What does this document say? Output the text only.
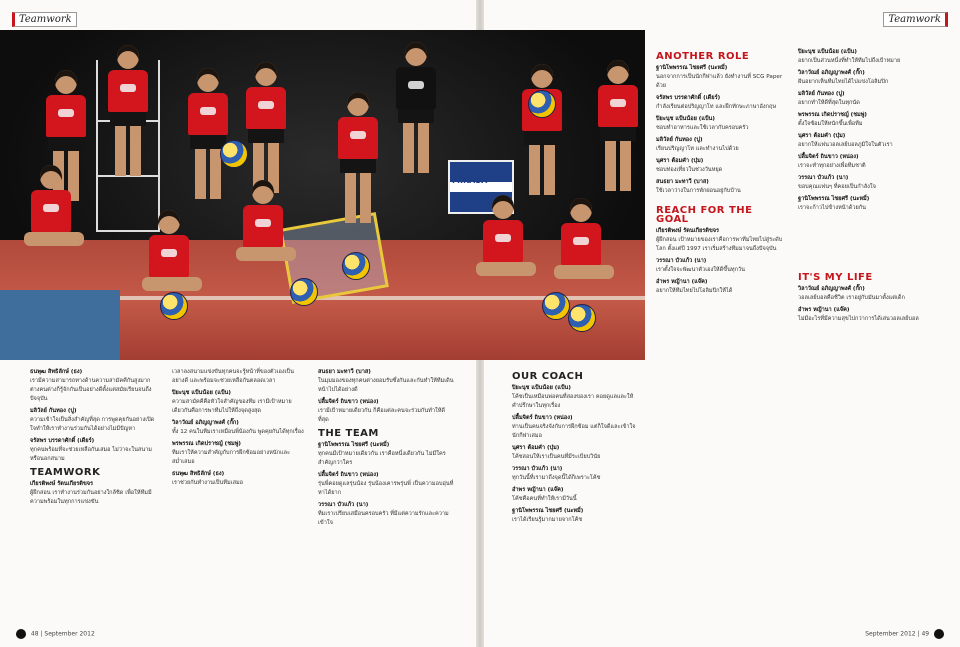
Teamwork	Teamwork
MIKASA

ธนพุฒ สิทธิลักษ์ (ธง)
เรามีความสามารถทางด้านความสามัคคีกันสูงมาก ต่างคนต่างก็รู้จักกันเป็นอย่างดีตั้งแต่สมัยเรียนจนถึงปัจจุบัน

มลิวัลย์ กันทอง (ปู)
ความเข้าใจเป็นสิ่งสำคัญที่สุด การพูดคุยกันอย่างเปิดใจทำให้เราทำงานร่วมกันได้อย่างไม่มีปัญหา

จรัสพร บรรดาศักดิ์ (เดียร์)
ทุกคนพร้อมที่จะช่วยเหลือกันเสมอ ไม่ว่าจะในสนามหรือนอกสนาม

TEAMWORK

เกียรติพงษ์ รัตนเกียรติขจร
ผู้ฝึกสอน เราทำงานร่วมกันอย่างใกล้ชิด เพื่อให้ทีมมีความพร้อมในทุกการแข่งขัน

เวลาลงสนามแข่งขันทุกคนจะรู้หน้าที่ของตัวเองเป็นอย่างดี และพร้อมจะช่วยเหลือกันตลอดเวลา

ปิยะนุช แป้นน้อย (แป้น)
ความสามัคคีคือหัวใจสำคัญของทีม เรามีเป้าหมายเดียวกันคือการพาทีมไปให้ถึงจุดสูงสุด

วิลาวัณย์ อภิญญาพงศ์ (กั๊ก)
ทั้ง 12 คนในทีมเราเหมือนพี่น้องกัน พูดคุยกันได้ทุกเรื่อง

พรพรรณ เกิดปราชญ์ (ชมพู่)
ทีมเราให้ความสำคัญกับการฝึกซ้อมอย่างหนักและสม่ำเสมอ

ธนพุฒ สิทธิลักษ์ (ธง)
เราช่วยกันทำงานเป็นทีมเสมอ

สนธยา มะทาวี (บาส)
ในมุมมองของทุกคนต่างยอมรับซึ่งกันและกันทำให้ทีมเดินหน้าไปได้อย่างดี

ปลื้มจิตร์ ถินขาว (หน่อง)
เรามีเป้าหมายเดียวกัน ก็คือแต่ละคนจะร่วมกันทำให้ดีที่สุด

THE TEAM

ฐานิโพพรรณ ไชยศรี (นะหมี่)
ทุกคนมีเป้าหมายเดียวกัน เราคือหนึ่งเดียวกัน ไม่มีใครสำคัญกว่าใคร

ปลื้มจิตร์ ถินขาว (หน่อง)
รุ่นพี่คอยดูแลรุ่นน้อง รุ่นน้องเคารพรุ่นพี่ เป็นความอบอุ่นที่หาได้ยาก

วรรณา บัวแก้ว (นา)
ทีมเราเปรียบเสมือนครอบครัว ที่มีแต่ความรักและความเข้าใจ

OUR COACH

ปิยะนุช แป้นน้อย (แป้น)
โค้ชเป็นเหมือนพ่อคนที่สองของเรา คอยดูแลและให้คำปรึกษาในทุกเรื่อง

ปลื้มจิตร์ ถินขาว (หน่อง)
ท่านเป็นคนจริงจังกับการฝึกซ้อม แต่ก็ใจดีและเข้าใจนักกีฬาเสมอ

นุศรา ต้อมคำ (บุ๋ม)
โค้ชสอนให้เราเป็นคนที่มีระเบียบวินัย

วรรณา บัวแก้ว (นา)
ทุกวันนี้ที่เรามาถึงจุดนี้ได้ก็เพราะโค้ช

อำพร หญ้านา (แจ๊ค)
โค้ชคือคนที่ทำให้เรามีวันนี้

ฐานิโพพรรณ ไชยศรี (นะหมี่)
เราได้เรียนรู้มากมายจากโค้ช

ANOTHER ROLE

ฐานิโพพรรณ ไชยศรี (นะหมี่)
นอกจากการเป็นนักกีฬาแล้ว ยังทำงานที่ SCG Paper ด้วย

จรัสพร บรรดาศักดิ์ (เดียร์)
กำลังเรียนต่อปริญญาโท และฝึกทักษะภาษาอังกฤษ

ปิยะนุช แป้นน้อย (แป้น)
ชอบทำอาหารและใช้เวลากับครอบครัว

มลิวัลย์ กันทอง (ปู)
เรียนปริญญาโท และทำงานไปด้วย

นุศรา ต้อมคำ (บุ๋ม)
ชอบท่องเที่ยวในช่วงวันหยุด

สนธยา มะทาวี (บาส)
ใช้เวลาว่างในการพักผ่อนอยู่กับบ้าน

REACH FOR THE GOAL

เกียรติพงษ์ รัตนเกียรติขจร
ผู้ฝึกสอน เป้าหมายของเราคือการพาทีมไทยไปสู่ระดับโลก ตั้งแต่ปี 1997 เราเริ่มสร้างทีมมาจนถึงปัจจุบัน

วรรณา บัวแก้ว (นา)
เราตั้งใจจะพัฒนาตัวเองให้ดีขึ้นทุกวัน

อำพร หญ้านา (แจ๊ค)
อยากให้ทีมไทยไปโอลิมปิกให้ได้

ปิยะนุช แป้นน้อย (แป้น)
อยากเป็นส่วนหนึ่งที่ทำให้ทีมไปถึงเป้าหมาย

วิลาวัณย์ อภิญญาพงศ์ (กั๊ก)
ฝันอยากเห็นทีมไทยได้ไปแข่งโอลิมปิก

มลิวัลย์ กันทอง (ปู)
อยากทำให้ดีที่สุดในทุกนัด

พรพรรณ เกิดปราชญ์ (ชมพู่)
ตั้งใจซ้อมให้หนักขึ้นเพื่อทีม

นุศรา ต้อมคำ (บุ๋ม)
อยากให้แฟนวอลเลย์บอลภูมิใจในตัวเรา

ปลื้มจิตร์ ถินขาว (หน่อง)
เราจะทำทุกอย่างเพื่อทีมชาติ

วรรณา บัวแก้ว (นา)
ขอบคุณแฟนๆ ที่คอยเป็นกำลังใจ

ฐานิโพพรรณ ไชยศรี (นะหมี่)
เราจะก้าวไปข้างหน้าด้วยกัน

IT'S MY LIFE

วิลาวัณย์ อภิญญาพงศ์ (กั๊ก)
วอลเลย์บอลคือชีวิต เราอยู่กับมันมาตั้งแต่เด็ก

อำพร หญ้านา (แจ๊ค)
ไม่มีอะไรที่มีความสุขไปกว่าการได้เล่นวอลเลย์บอล

48 | September 2012	September 2012 | 49
